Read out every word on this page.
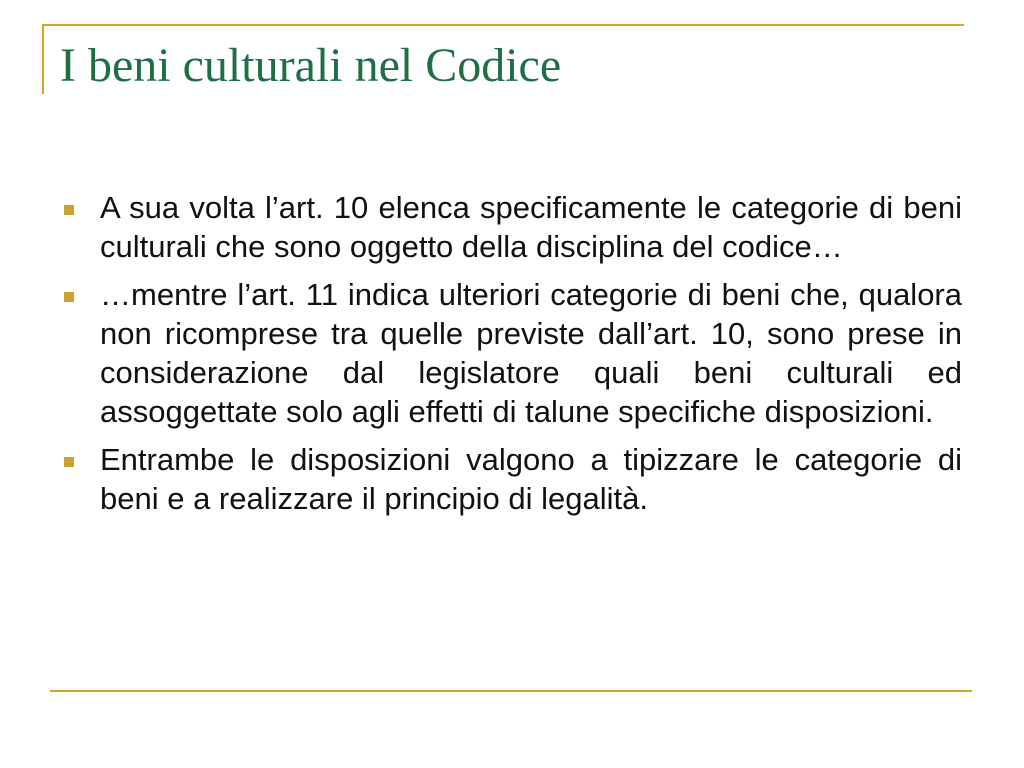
I beni culturali nel Codice
A sua volta l’art. 10 elenca specificamente le categorie di beni culturali che sono oggetto della disciplina del codice…
…mentre l’art. 11 indica ulteriori categorie di beni che, qualora non ricomprese tra quelle previste dall’art. 10, sono prese in considerazione dal legislatore quali beni culturali ed assoggettate solo agli effetti di talune specifiche disposizioni.
Entrambe le disposizioni valgono a tipizzare le categorie di beni e a realizzare il principio di legalità.
